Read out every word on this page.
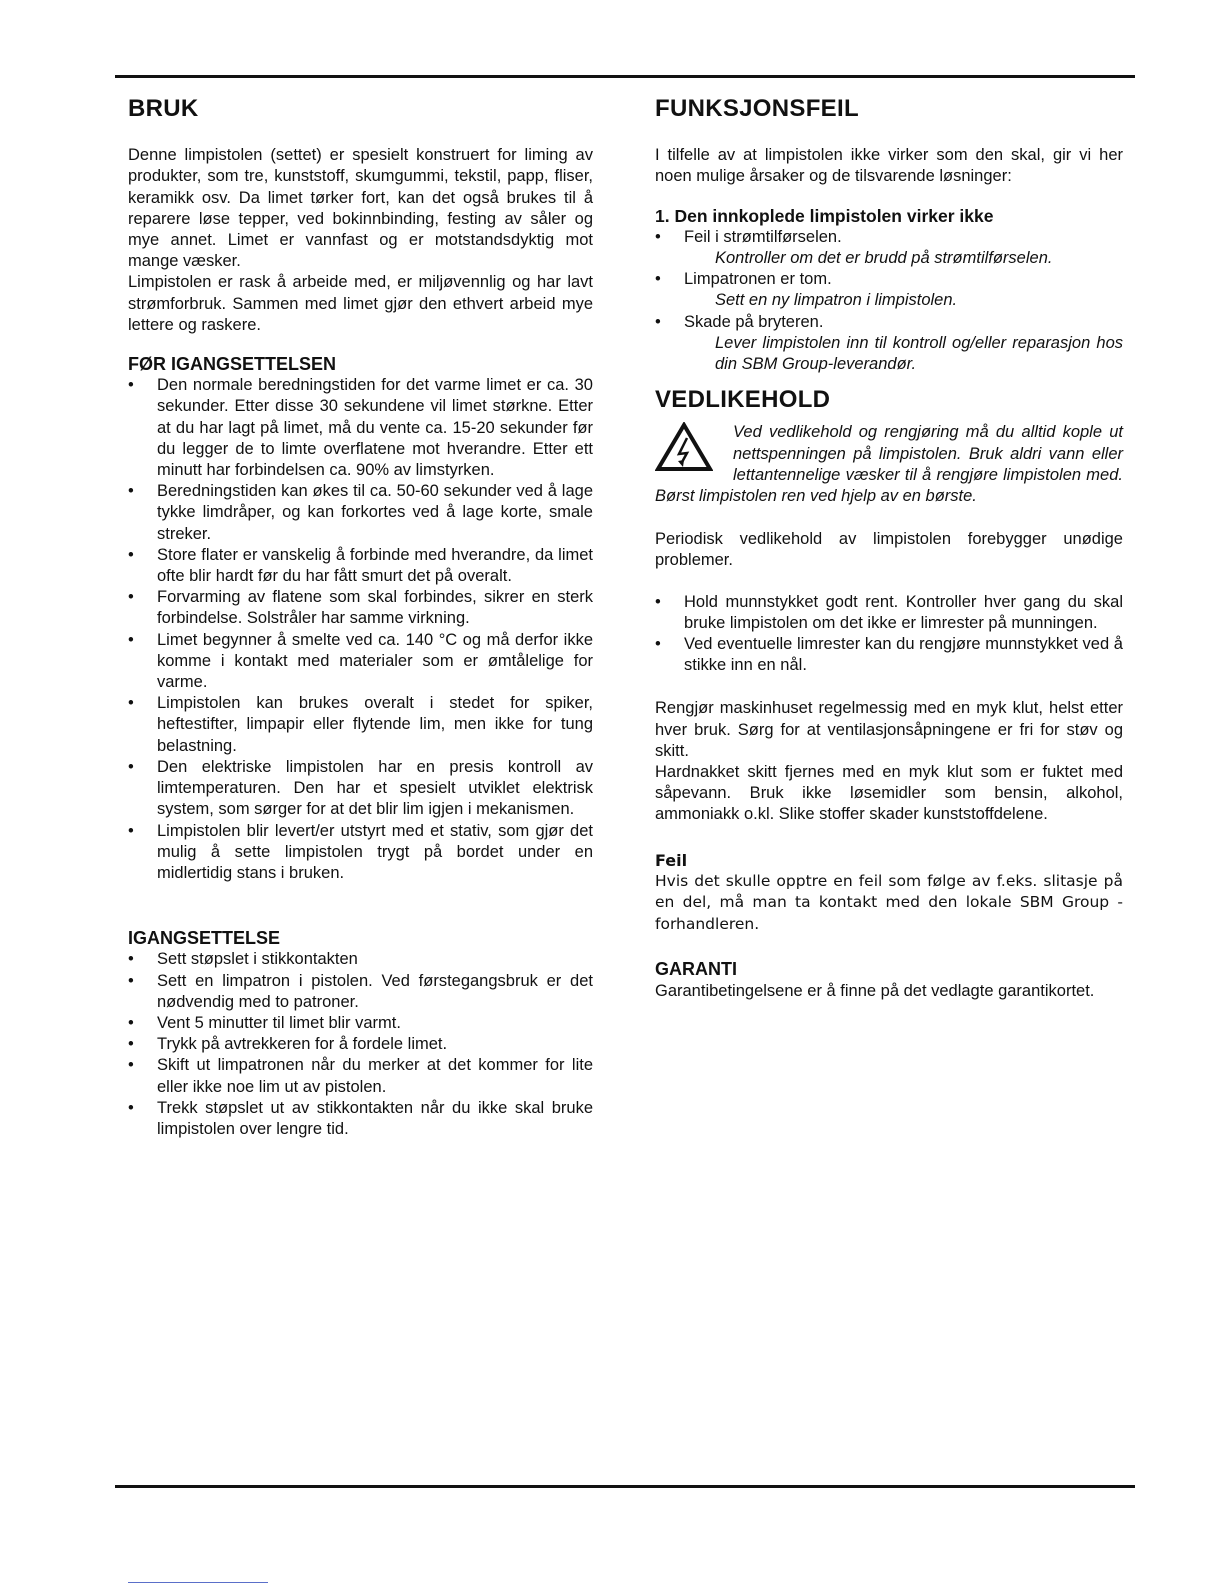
BRUK

Denne limpistolen (settet) er spesielt konstruert for liming av produkter, som tre, kunststoff, skumgummi, tekstil, papp, fliser, keramikk osv. Da limet tørker fort, kan det også brukes til å reparere løse tepper, ved bokinnbinding, festing av såler og mye annet. Limet er vannfast og er motstandsdyktig mot mange væsker.

Limpistolen er rask å arbeide med, er miljøvennlig og har lavt strømforbruk. Sammen med limet gjør den ethvert arbeid mye lettere og raskere.

FØR IGANGSETTELSEN
• Den normale beredningstiden for det varme limet er ca. 30 sekunder. Etter disse 30 sekundene vil limet størkne. Etter at du har lagt på limet, må du vente ca. 15-20 sekunder før du legger de to limte overflatene mot hverandre. Etter ett minutt har forbindelsen ca. 90% av limstyrken.
• Beredningstiden kan økes til ca. 50-60 sekunder ved å lage tykke limdråper, og kan forkortes ved å lage korte, smale streker.
• Store flater er vanskelig å forbinde med hverandre, da limet ofte blir hardt før du har fått smurt det på overalt.
• Forvarming av flatene som skal forbindes, sikrer en sterk forbindelse. Solstråler har samme virkning.
• Limet begynner å smelte ved ca. 140 °C og må derfor ikke komme i kontakt med materialer som er ømtålelige for varme.
• Limpistolen kan brukes overalt i stedet for spiker, heftestifter, limpapir eller flytende lim, men ikke for tung belastning.
• Den elektriske limpistolen har en presis kontroll av limtemperaturen. Den har et spesielt utviklet elektrisk system, som sørger for at det blir lim igjen i mekanismen.
• Limpistolen blir levert/er utstyrt med et stativ, som gjør det mulig å sette limpistolen trygt på bordet under en midlertidig stans i bruken.
IGANGSETTELSE
• Sett støpslet i stikkontakten
• Sett en limpatron i pistolen. Ved førstegangsbruk er det nødvendig med to patroner.
• Vent 5 minutter til limet blir varmt.
• Trykk på avtrekkeren for å fordele limet.
• Skift ut limpatronen når du merker at det kommer for lite eller ikke noe lim ut av pistolen.
• Trekk støpslet ut av stikkontakten når du ikke skal bruke limpistolen over lengre tid.
FUNKSJONSFEIL

I tilfelle av at limpistolen ikke virker som den skal, gir vi her noen mulige årsaker og de tilsvarende løsninger:

1. Den innkoplede limpistolen virker ikke
• Feil i strømtilførselen.
Kontroller om det er brudd på strømtilførselen.
• Limpatronen er tom.
Sett en ny limpatron i limpistolen.
• Skade på bryteren.
Lever limpistolen inn til kontroll og/eller reparasjon hos din SBM Group-leverandør.
VEDLIKEHOLD
Ved vedlikehold og rengjøring må du alltid kople ut nettspenningen på limpistolen. Bruk aldri vann eller lettantennelige væsker til å rengjøre limpistolen med. Børst limpistolen ren ved hjelp av en børste.

Periodisk vedlikehold av limpistolen forebygger unødige problemer.

• Hold munnstykket godt rent. Kontroller hver gang du skal bruke limpistolen om det ikke er limrester på munningen.
• Ved eventuelle limrester kan du rengjøre munnstykket ved å stikke inn en nål.

Rengjør maskinhuset regelmessig med en myk klut, helst etter hver bruk. Sørg for at ventilasjonsåpningene er fri for støv og skitt.

Hardnakket skitt fjernes med en myk klut som er fuktet med såpevann. Bruk ikke løsemidler som bensin, alkohol, ammoniakk o.kl. Slike stoffer skader kunststoffdelene.

Feil

Hvis det skulle opptre en feil som følge av f.eks. slitasje på en del, må man ta kontakt med den lokale SBM Group - forhandleren.

GARANTI

Garantibetingelsene er å finne på det vedlagte garantikortet.
